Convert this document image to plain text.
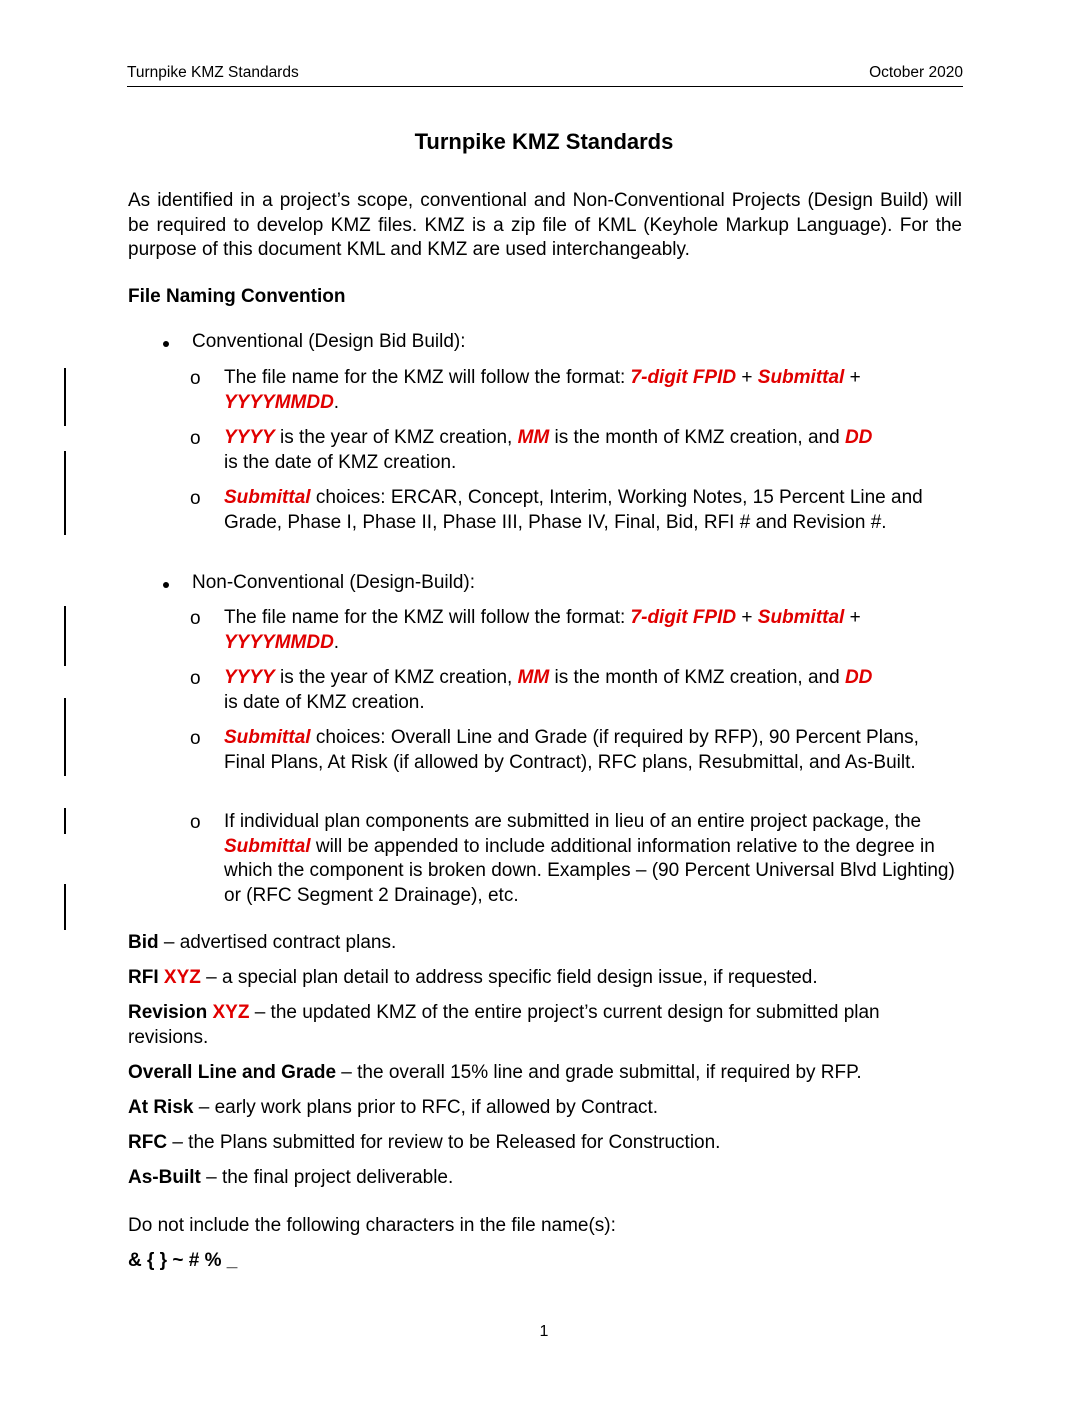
Turnpike KMZ Standards	October 2020
Turnpike KMZ Standards
As identified in a project’s scope, conventional and Non-Conventional Projects (Design Build) will be required to develop KMZ files. KMZ is a zip file of KML (Keyhole Markup Language). For the purpose of this document KML and KMZ are used interchangeably.
File Naming Convention
Conventional (Design Bid Build):
o The file name for the KMZ will follow the format: 7-digit FPID + Submittal +
YYYYMMDD.
o YYYY is the year of KMZ creation, MM is the month of KMZ creation, and DD
is the date of KMZ creation.
o Submittal choices: ERCAR, Concept, Interim, Working Notes, 15 Percent Line and Grade, Phase I, Phase II, Phase III, Phase IV, Final, Bid, RFI # and Revision #.
Non-Conventional (Design-Build):
o The file name for the KMZ will follow the format: 7-digit FPID + Submittal +
YYYYMMDD.
o YYYY is the year of KMZ creation, MM is the month of KMZ creation, and DD
is date of KMZ creation.
o Submittal choices: Overall Line and Grade (if required by RFP), 90 Percent Plans, Final Plans, At Risk (if allowed by Contract), RFC plans, Resubmittal, and As-Built.
o If individual plan components are submitted in lieu of an entire project package, the Submittal will be appended to include additional information relative to the degree in which the component is broken down. Examples – (90 Percent Universal Blvd Lighting) or (RFC Segment 2 Drainage), etc.
Bid – advertised contract plans.
RFI XYZ – a special plan detail to address specific field design issue, if requested.
Revision XYZ – the updated KMZ of the entire project’s current design for submitted plan revisions.
Overall Line and Grade – the overall 15% line and grade submittal, if required by RFP.
At Risk – early work plans prior to RFC, if allowed by Contract.
RFC – the Plans submitted for review to be Released for Construction.
As-Built – the final project deliverable.
Do not include the following characters in the file name(s):
& { } ~ # % _
1
